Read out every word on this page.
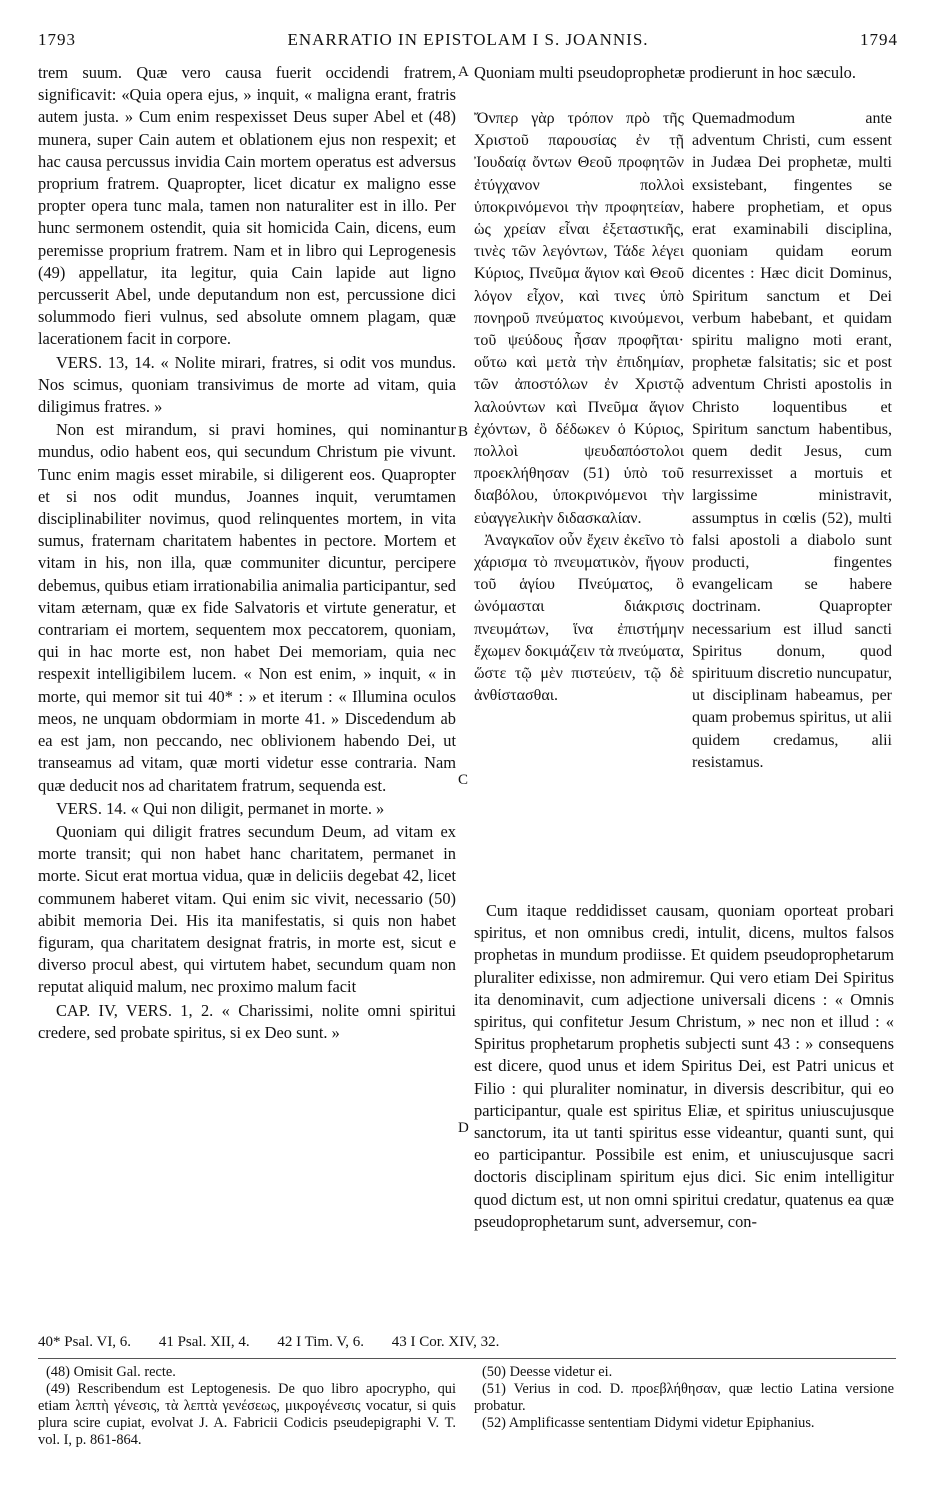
1793	ENARRATIO IN EPISTOLAM I S. JOANNIS.	1794

trem suum. Quæ vero causa fuerit occidendi fratrem, significavit: «Quia opera ejus, » inquit, « maligna erant, fratris autem justa. » Cum enim respexisset Deus super Abel et (48) munera, super Cain autem et oblationem ejus non respexit; et hac causa percussus invidia Cain mortem operatus est adversus proprium fratrem. Quapropter, licet dicatur ex maligno esse propter opera tunc mala, tamen non naturaliter est in illo. Per hunc sermonem ostendit, quia sit homicida Cain, dicens, eum peremisse proprium fratrem. Nam et in libro qui Leprogenesis (49) appellatur, ita legitur, quia Cain lapide aut ligno percusserit Abel, unde deputandum non est, percussione dici solummodo fieri vulnus, sed absolute omnem plagam, quæ lacerationem facit in corpore.

VERS. 13, 14. « Nolite mirari, fratres, si odit vos mundus. Nos scimus, quoniam transivimus de morte ad vitam, quia diligimus fratres. »

Non est mirandum, si pravi homines, qui nominantur mundus, odio habent eos, qui secundum Christum pie vivunt. Tunc enim magis esset mirabile, si diligerent eos. Quapropter et si nos odit mundus, Joannes inquit, verumtamen disciplinabiliter novimus, quod relinquentes mortem, in vita sumus, fraternam charitatem habentes in pectore. Mortem et vitam in his, non illa, quæ communiter dicuntur, percipere debemus, quibus etiam irrationabilia animalia participantur, sed vitam æternam, quæ ex fide Salvatoris et virtute generatur, et contrariam ei mortem, sequentem mox peccatorem, quoniam, qui in hac morte est, non habet Dei memoriam, quia nec respexit intelligibilem lucem. « Non est enim, » inquit, « in morte, qui memor sit tui 40* : » et iterum : « Illumina oculos meos, ne unquam obdormiam in morte 41. » Discedendum ab ea est jam, non peccando, nec oblivionem habendo Dei, ut transeamus ad vitam, quæ morti videtur esse contraria. Nam quæ deducit nos ad charitatem fratrum, sequenda est.

VERS. 14. « Qui non diligit, permanet in morte. »

Quoniam qui diligit fratres secundum Deum, ad vitam ex morte transit; qui non habet hanc charitatem, permanet in morte. Sicut erat mortua vidua, quæ in deliciis degebat 42, licet communem haberet vitam. Qui enim sic vivit, necessario (50) abibit memoria Dei. His ita manifestatis, si quis non habet figuram, qua charitatem designat fratris, in morte est, sicut e diverso procul abest, qui virtutem habet, secundum quam non reputat aliquid malum, nec proximo malum facit

CAP. IV, VERS. 1, 2. « Charissimi, nolite omni spiritui credere, sed probate spiritus, si ex Deo sunt. »

A
B
C
D

Quoniam multi pseudoprophetæ prodierunt in hoc sæculo.

Ὄνπερ γὰρ τρόπον πρὸ τῆς Χριστοῦ παρουσίας ἐν τῇ Ἰουδαίᾳ ὄντων Θεοῦ προφητῶν ἐτύγχανον πολλοὶ ὑποκρινόμενοι τὴν προφητείαν, ὡς χρείαν εἶναι ἐξεταστικῆς, τινὲς τῶν λεγόντων, Τάδε λέγει Κύριος, Πνεῦμα ἅγιον καὶ Θεοῦ λόγον εἶχον, καὶ τινες ὑπὸ πονηροῦ πνεύματος κινούμενοι, τοῦ ψεύδους ἦσαν προφῆται· οὕτω καὶ μετὰ τὴν ἐπιδημίαν, τῶν ἀποστόλων ἐν Χριστῷ λαλούντων καὶ Πνεῦμα ἅγιον ἐχόντων, ὃ δέδωκεν ὁ Κύριος, πολλοὶ ψευδαπόστολοι προεκλήθησαν (51) ὑπὸ τοῦ διαβόλου, ὑποκρινόμενοι τὴν εὐαγγελικὴν διδασκαλίαν.

Ἀναγκαῖον οὖν ἔχειν ἐκεῖνο τὸ χάρισμα τὸ πνευματικὸν, ἤγουν τοῦ ἁγίου Πνεύματος, ὃ ὠνόμασται διάκρισις πνευμάτων, ἵνα ἐπιστήμην ἔχωμεν δοκιμάζειν τὰ πνεύματα, ὥστε τῷ μὲν πιστεύειν, τῷ δὲ ἀνθίστασθαι.

Quemadmodum ante adventum Christi, cum essent in Judæa Dei prophetæ, multi exsistebant, fingentes se habere prophetiam, et opus erat examinabili disciplina, quoniam quidam eorum dicentes : Hæc dicit Dominus, Spiritum sanctum et Dei verbum habebant, et quidam spiritu maligno moti erant, prophetæ falsitatis; sic et post adventum Christi apostolis in Christo loquentibus et Spiritum sanctum habentibus, quem dedit Jesus, cum resurrexisset a mortuis et largissime ministravit, assumptus in cœlis (52), multi falsi apostoli a diabolo sunt producti, fingentes evangelicam se habere doctrinam. Quapropter necessarium est illud sancti Spiritus donum, quod spirituum discretio nuncupatur, ut disciplinam habeamus, per quam probemus spiritus, ut alii quidem credamus, alii resistamus.

Cum itaque reddidisset causam, quoniam oporteat probari spiritus, et non omnibus credi, intulit, dicens, multos falsos prophetas in mundum prodiisse. Et quidem pseudoprophetarum pluraliter edixisse, non admiremur. Qui vero etiam Dei Spiritus ita denominavit, cum adjectione universali dicens : « Omnis spiritus, qui confitetur Jesum Christum, » nec non et illud : « Spiritus prophetarum prophetis subjecti sunt 43 : » consequens est dicere, quod unus et idem Spiritus Dei, est Patri unicus et Filio : qui pluraliter nominatur, in diversis describitur, qui eo participantur, quale est spiritus Eliæ, et spiritus uniuscujusque sanctorum, ita ut tanti spiritus esse videantur, quanti sunt, qui eo participantur. Possibile est enim, et uniuscujusque sacri doctoris disciplinam spiritum ejus dici. Sic enim intelligitur quod dictum est, ut non omni spiritui credatur, quatenus ea quæ pseudoprophetarum sunt, adversemur, con-

40* Psal. VI, 6. 41 Psal. XII, 4. 42 I Tim. V, 6. 43 I Cor. XIV, 32.

(48) Omisit Gal. recte.

(49) Rescribendum est Leptogenesis. De quo libro apocrypho, qui etiam λεπτὴ γένεσις, τὰ λεπτὰ γενέσεως, μικρογένεσις vocatur, si quis plura scire cupiat, evolvat J. A. Fabricii Codicis pseudepigraphi V. T. vol. I, p. 861-864.

(50) Deesse videtur ei.

(51) Verius in cod. D. προεβλήθησαν, quæ lectio Latina versione probatur.

(52) Amplificasse sententiam Didymi videtur Epiphanius.
